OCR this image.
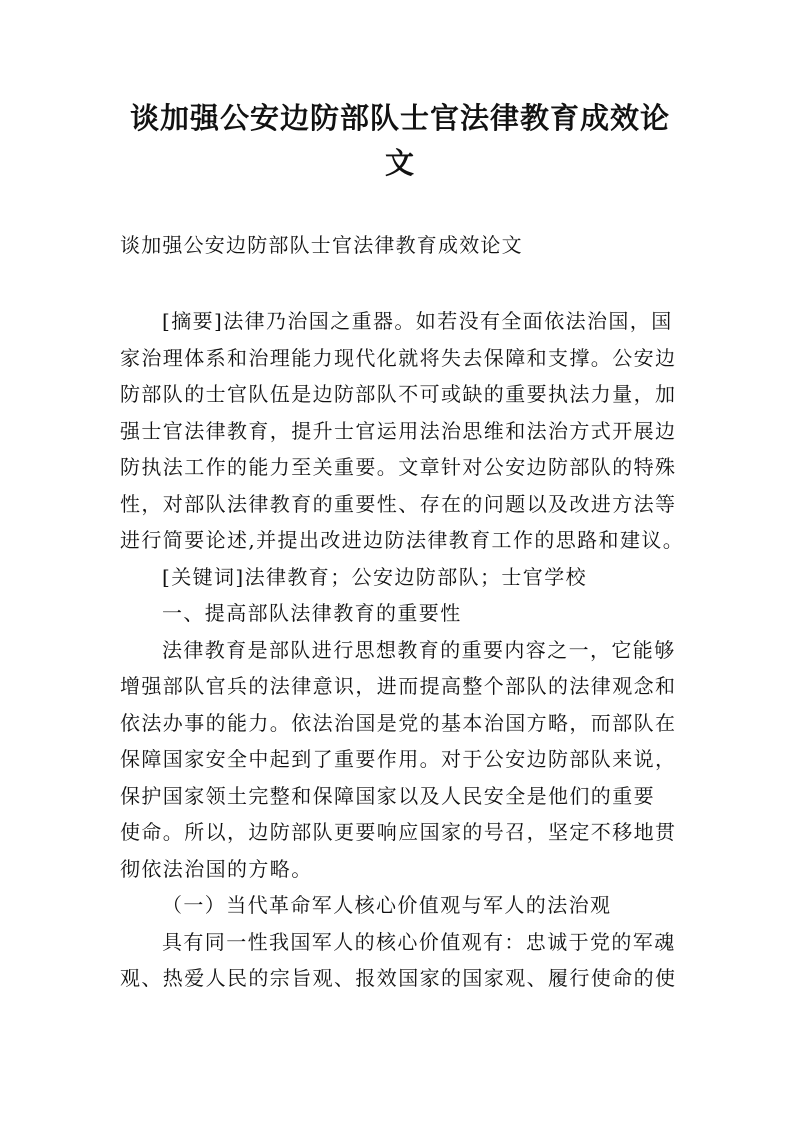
谈加强公安边防部队士官法律教育成效论
文

谈加强公安边防部队士官法律教育成效论文

[摘要]法律乃治国之重器。如若没有全面依法治国，国

家治理体系和治理能力现代化就将失去保障和支撑。公安边
防部队的士官队伍是边防部队不可或缺的重要执法力量，加
强士官法律教育，提升士官运用法治思维和法治方式开展边
防执法工作的能力至关重要。文章针对公安边防部队的特殊
性，对部队法律教育的重要性、存在的问题以及改进方法等
进行简要论述,并提出改进边防法律教育工作的思路和建议。

[关键词]法律教育；公安边防部队；士官学校

一、提高部队法律教育的重要性

法律教育是部队进行思想教育的重要内容之一，它能够

增强部队官兵的法律意识，进而提高整个部队的法律观念和
依法办事的能力。依法治国是党的基本治国方略，而部队在
保障国家安全中起到了重要作用。对于公安边防部队来说，
保护国家领土完整和保障国家以及人民安全是他们的重要
使命。所以，边防部队更要响应国家的号召，坚定不移地贯
彻依法治国的方略。

（一）当代革命军人核心价值观与军人的法治观

具有同一性我国军人的核心价值观有：忠诚于党的军魂

观、热爱人民的宗旨观、报效国家的国家观、履行使命的使
